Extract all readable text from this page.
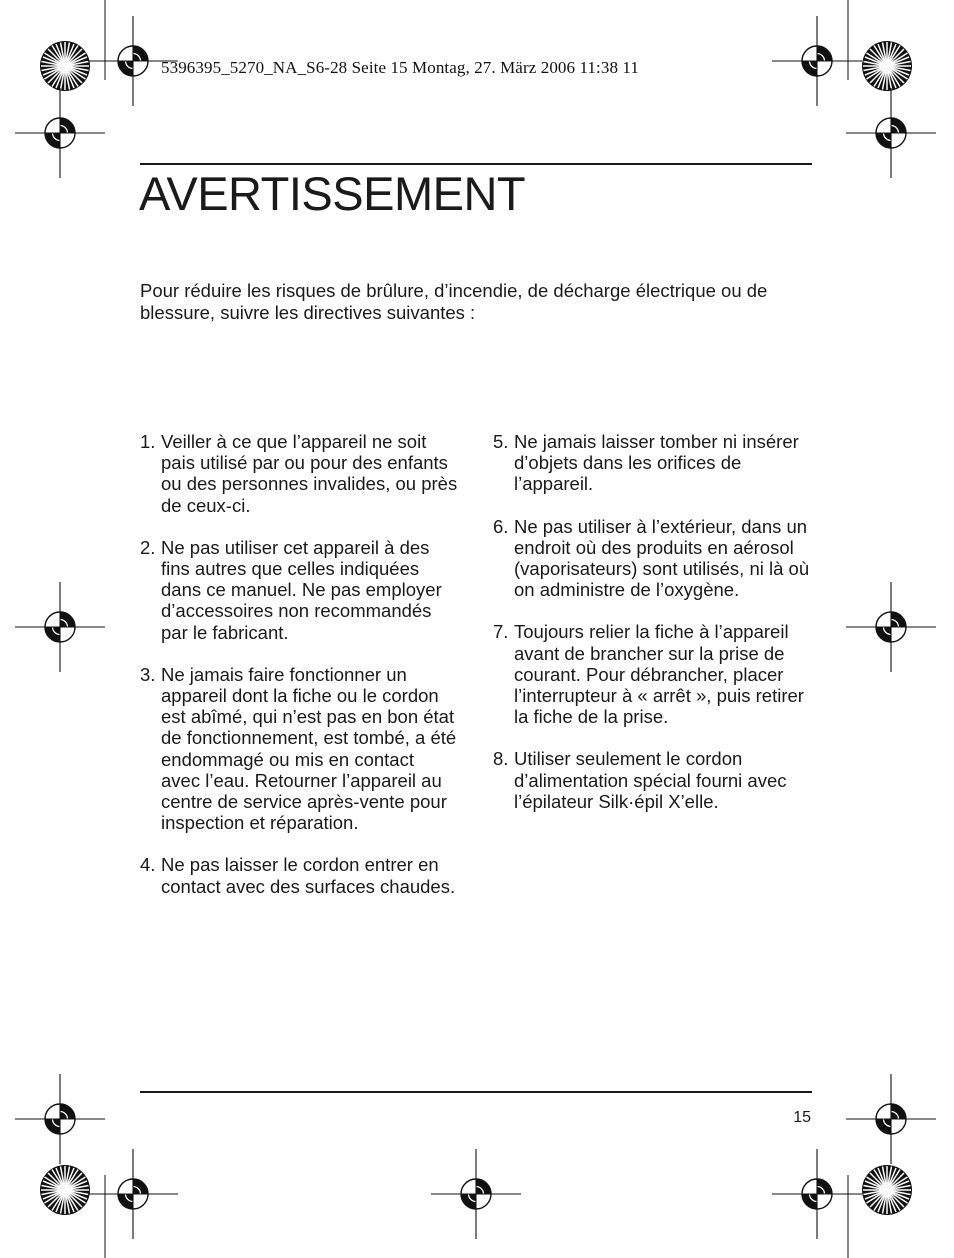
5396395_5270_NA_S6-28 Seite 15 Montag, 27. März 2006 11:38 11
AVERTISSEMENT

Pour réduire les risques de brûlure, d’incendie, de décharge électrique ou de blessure, suivre les directives suivantes :

1. Veiller à ce que l’appareil ne soit pais utilisé par ou pour des enfants ou des personnes invalides, ou près de ceux-ci.
2. Ne pas utiliser cet appareil à des fins autres que celles indiquées dans ce manuel. Ne pas employer d’accessoires non recommandés par le fabricant.
3. Ne jamais faire fonctionner un appareil dont la fiche ou le cordon est abîmé, qui n’est pas en bon état de fonctionnement, est tombé, a été endommagé ou mis en contact avec l’eau. Retourner l’appareil au centre de service après-vente pour inspection et réparation.
4. Ne pas laisser le cordon entrer en contact avec des surfaces chaudes.
5. Ne jamais laisser tomber ni insérer d’objets dans les orifices de l’appareil.
6. Ne pas utiliser à l’extérieur, dans un endroit où des produits en aérosol (vaporisateurs) sont utilisés, ni là où on administre de l’oxygène.
7. Toujours relier la fiche à l’appareil avant de brancher sur la prise de courant. Pour débrancher, placer l’interrupteur à « arrêt », puis retirer la fiche de la prise.
8. Utiliser seulement le cordon d’alimentation spécial fourni avec l’épilateur Silk·épil X’elle.
15
